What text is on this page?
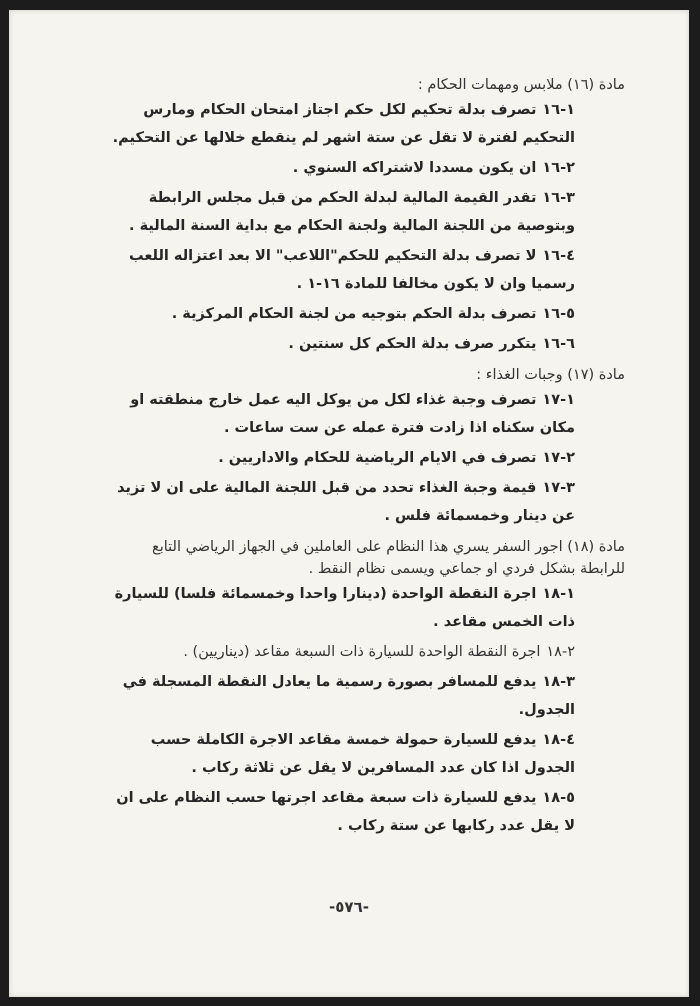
مادة (١٦) ملابس ومهمات الحكام :
١-١٦تصرف بدلة تحكيم لكل حكم اجتاز امتحان الحكام ومارس التحكيم لفترة لا تقل عن ستة اشهر لم ينقطع خلالها عن التحكيم.
٢-١٦ان يكون مسددا لاشتراكه السنوي .
٣-١٦تقدر القيمة المالية لبدلة الحكم من قبل مجلس الرابطة وبتوصية من اللجنة المالية ولجنة الحكام مع بداية السنة المالية .
٤-١٦لا تصرف بدلة التحكيم للحكم"اللاعب" الا بعد اعتزاله اللعب رسميا وان لا يكون مخالفا للمادة ١٦-١ .
٥-١٦تصرف بدلة الحكم بتوجيه من لجنة الحكام المركزية .
٦-١٦يتكرر صرف بدلة الحكم كل سنتين .
مادة (١٧) وجبات الغذاء :
١-١٧تصرف وجبة غذاء لكل من يوكل اليه عمل خارج منطقته او مكان سكناه اذا زادت فترة عمله عن ست ساعات .
٢-١٧تصرف في الايام الرياضية للحكام والاداريين .
٣-١٧قيمة وجبة الغذاء تحدد من قبل اللجنة المالية على ان لا تزيد عن دينار وخمسمائة فلس .
مادة (١٨) اجور السفر يسري هذا النظام على العاملين في الجهاز الرياضي التابع للرابطة بشكل فردي او جماعي ويسمى نظام النقط .
١-١٨اجرة النقطة الواحدة (دينارا واحدا وخمسمائة فلسا) للسيارة ذات الخمس مقاعد .
٢-١٨اجرة النقطة الواحدة للسيارة ذات السبعة مقاعد (ديناريين) .
٣-١٨يدفع للمسافر بصورة رسمية ما يعادل النقطة المسجلة في الجدول.
٤-١٨يدفع للسيارة حمولة خمسة مقاعد الاجرة الكاملة حسب الجدول اذا كان عدد المسافرين لا يقل عن ثلاثة ركاب .
٥-١٨يدفع للسيارة ذات سبعة مقاعد اجرتها حسب النظام على ان لا يقل عدد ركابها عن ستة ركاب .
-٥٧٦-
